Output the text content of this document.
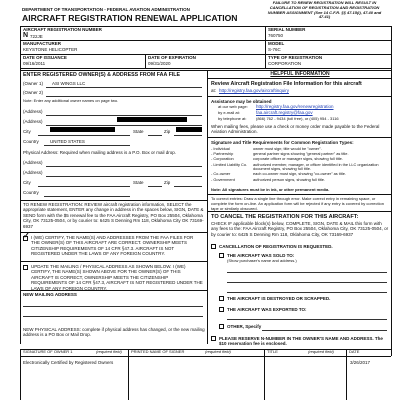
DEPARTMENT OF TRANSPORTATION - FEDERAL AVIATION ADMINISTRATION
AIRCRAFT REGISTRATION RENEWAL APPLICATION
FAILURE TO RENEW REGISTRATION WILL RESULT IN CANCELLATION OF REGISTRATION AND REGISTRATION NUMBER ASSIGNMENT (See 14 C.F.R. §§ 47.15(i), 47.40 and 47.41)
AIRCRAFT REGISTRATION NUMBER
N 722JE
SERIAL NUMBER
760750
MANUFACTURER
KEYSTONE HELICOPTER
MODEL
S-76C
DATE OF ISSUANCE
09/16/2011
DATE OF EXPIRATION
09/31/2020
TYPE OF REGISTRATION
CORPORATION
ENTER REGISTERED OWNER(S) & ADDRESS FROM FAA FILE
(Owner 1) ASI WINGS LLC
(Owner 2)
Note: Enter any additional owner names on page two.
(Address)
(Address)
City	State	Zip
Country UNITED STATES
Physical Address: Required when mailing address is a P.O. Box or mail drop.
(Address)
(Address)
City	State	Zip
Country
TO RENEW REGISTRATION: REVIEW aircraft registration information, SELECT the appropriate statement, ENTER any change in address in the spaces below, SIGN, DATE & SEND form with the $5 renewal fee to the FAA Aircraft Registry, PO Box 25504, Oklahoma City, OK 73125-0504, or by courier to: 6425 S Denning Rm 118, Oklahoma City OK 73169-6937
✓ I (WE) CERTIFY, THE NAME(S) AND ADDRESSES FROM THE FAA FILES FOR THE OWNER(S) OF THIS AIRCRAFT ARE CORRECT. OWNERSHIP MEETS CITIZENSHIP REQUIREMENTS OF 14 CFR §47.3. AIRCRAFT IS NOT REGISTERED UNDER THE LAWS OF ANY FOREIGN COUNTRY.
UPDATE THE MAILING / PHYSICAL ADDRESS AS SHOWN BELOW. I (WE) CERTIFY, THE NAME(S) SHOWN ABOVE FOR THE OWNER(S) OF THIS AIRCRAFT IS CORRECT, OWNERSHIP MEETS THE CITIZENSHIP REQUIREMENTS OF 14 CFR §47.3, AIRCRAFT IS NOT REGISTERED UNDER THE LAWS OF ANY FOREIGN COUNTRY.
NEW MAILING ADDRESS
NEW PHYSICAL ADDRESS: complete if physical address has changed, or the new mailing address is a PO Box or Mail Drop.
HELPFUL INFORMATION
Review Aircraft Registration File Information for this aircraft
at: http://registry.faa.gov/aircraftinquiry
Assistance may be obtained
at our web page: http://registry.faa.gov/renewregistration
by e-mail at:	faa.aircraft.registry@faa.gov
by telephone at: (866) 762 - 9434 (toll free), or (405) 954 - 3116
When mailing fees, please use a check or money order made payable to the Federal Aviation Administration.
Signature and Title Requirements for Common Registration Types:
- Individual	owner must sign; title would be "owner".
- Partnership	general partner signs showing "general partner" as title.
- Corporation	corporate officer or manager signs, showing full title.
- Limited Liability Co.	authorized member, manager, or officer identified in the LLC organization document signs, showing full title.
- Co-owner	each co-owner must sign, showing "co-owner" as title.
- Government	authorized person signs, showing full title.
Note: All signatures must be in ink, or other permanent media.
To correct entries: Draw a single line through error. Make correct entry in remaining space, or complete the form on-line. An application form will be rejected if any entry is covered by correction tape or similarly obscured.
TO CANCEL THE REGISTRATION FOR THIS AIRCRAFT:
CHECK IF applicable block(s) below, COMPLETE, SIGN, DATE & MAIL this form with any fees to the: FAA Aircraft Registry, PO Box 25504, Oklahoma City, OK 73125-0504, or by courier to: 6425 S Denning Rm 118, Oklahoma City, OK 73169-6937
CANCELLATION OF REGISTRATION IS REQUESTED.
THE AIRCRAFT WAS SOLD TO:
(Show purchaser's name and address.)
THE AIRCRAFT IS DESTROYED OR SCRAPPED.
THE AIRCRAFT WAS EXPORTED TO:
OTHER, Specify
PLEASE RESERVE N-NUMBER IN THE OWNER'S NAME AND ADDRESS. The $10 reservation fee is enclosed.
SIGNATURE OF OWNER 1	(required field) PRINTED NAME OF SIGNER	(required field)	TITLE	(required field)	DATE
Electronically Certified by Registered Owners	3/26/2017
